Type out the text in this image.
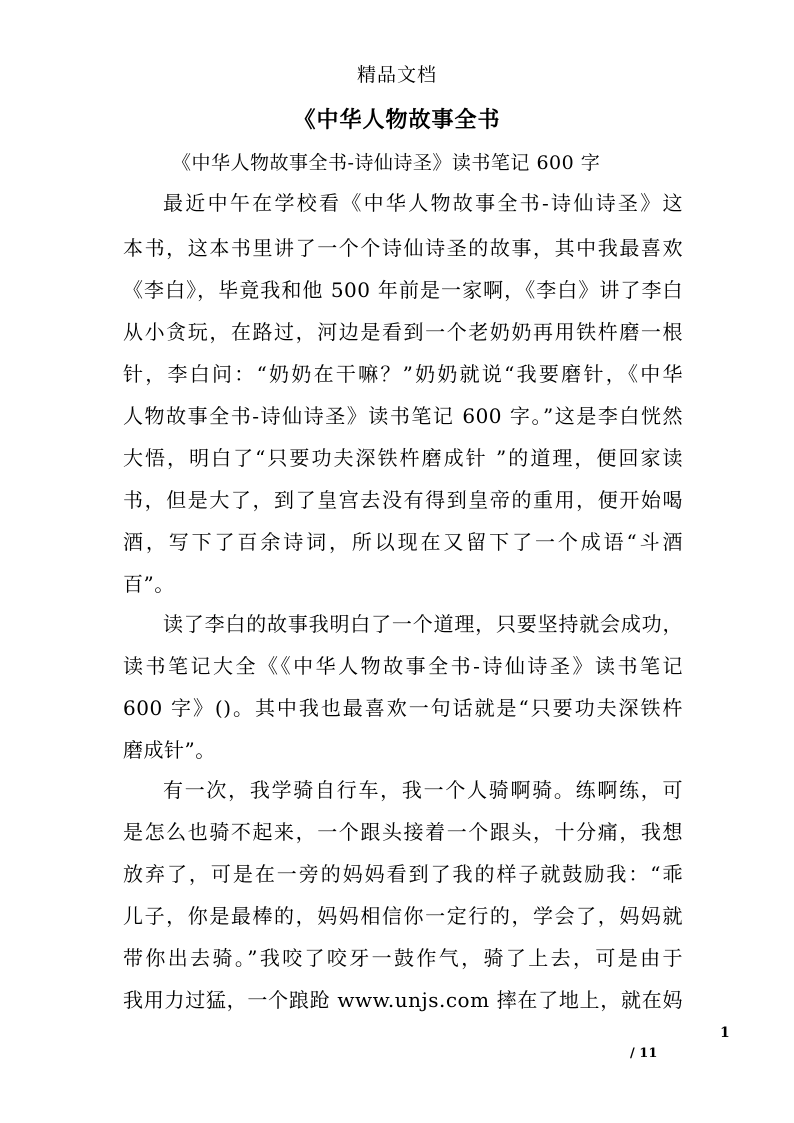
精品文档
《中华人物故事全书
《中华人物故事全书-诗仙诗圣》读书笔记 600 字
最近中午在学校看《中华人物故事全书-诗仙诗圣》这
本书，这本书里讲了一个个诗仙诗圣的故事，其中我最喜欢
《李白》，毕竟我和他 500 年前是一家啊，《李白》讲了李白
从小贪玩，在路过，河边是看到一个老奶奶再用铁杵磨一根
针，李白问：“奶奶在干嘛？”奶奶就说“我要磨针，《中华
人物故事全书-诗仙诗圣》读书笔记 600 字。”这是李白恍然
大悟，明白了“只要功夫深铁杵磨成针 ”的道理，便回家读
书，但是大了，到了皇宫去没有得到皇帝的重用，便开始喝
酒，写下了百余诗词，所以现在又留下了一个成语“斗酒
百”。
读了李白的故事我明白了一个道理，只要坚持就会成功，
读书笔记大全《《中华人物故事全书-诗仙诗圣》读书笔记
600 字》()。其中我也最喜欢一句话就是“只要功夫深铁杵
磨成针”。
有一次，我学骑自行车，我一个人骑啊骑。练啊练，可
是怎么也骑不起来，一个跟头接着一个跟头，十分痛，我想
放弃了，可是在一旁的妈妈看到了我的样子就鼓励我：“乖
儿子，你是最棒的，妈妈相信你一定行的，学会了，妈妈就
带你出去骑。”我咬了咬牙一鼓作气，骑了上去，可是由于
我用力过猛，一个踉跄 www.unjs.com 摔在了地上，就在妈
1
/ 11
